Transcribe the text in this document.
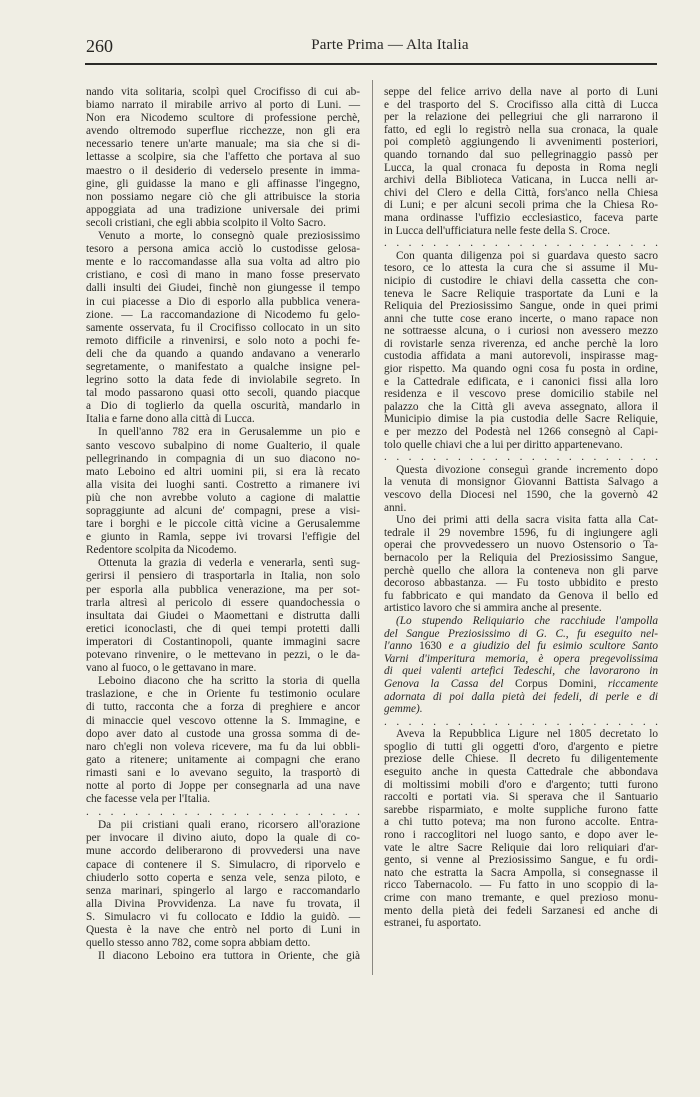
260	Parte Prima — Alta Italia
nando vita solitaria, scolpì quel Crocifisso di cui ab-
biamo narrato il mirabile arrivo al porto di Luni. —
Non era Nicodemo scultore di professione perchè,
avendo oltremodo superflue ricchezze, non gli era
necessario tenere un'arte manuale; ma sia che si di-
lettasse a scolpire, sia che l'affetto che portava al suo
maestro o il desiderio di vederselo presente in imma-
gine, gli guidasse la mano e gli affinasse l'ingegno,
non possiamo negare ciò che gli attribuisce la storia
appoggiata ad una tradizione universale dei primi
secoli cristiani, che egli abbia scolpito il Volto Sacro.
Venuto a morte, lo consegnò quale preziosissimo
tesoro a persona amica acciò lo custodisse gelosa-
mente e lo raccomandasse alla sua volta ad altro pio
cristiano, e così di mano in mano fosse preservato
dalli insulti dei Giudei, finchè non giungesse il tempo
in cui piacesse a Dio di esporlo alla pubblica venera-
zione. — La raccomandazione di Nicodemo fu gelo-
samente osservata, fu il Crocifisso collocato in un sito
remoto difficile a rinvenirsi, e solo noto a pochi fe-
deli che da quando a quando andavano a venerarlo
segretamente, o manifestato a qualche insigne pel-
legrino sotto la data fede di inviolabile segreto. In
tal modo passarono quasi otto secoli, quando piacque
a Dio di toglierlo da quella oscurità, mandarlo in
Italia e farne dono alla città di Lucca.
In quell'anno 782 era in Gerusalemme un pio e
santo vescovo subalpino di nome Gualterio, il quale
pellegrinando in compagnia di un suo diacono no-
mato Leboino ed altri uomini pii, si era là recato
alla visita dei luoghi santi. Costretto a rimanere ivi
più che non avrebbe voluto a cagione di malattie
sopraggiunte ad alcuni de' compagni, prese a visi-
tare i borghi e le piccole città vicine a Gerusalemme
e giunto in Ramla, seppe ivi trovarsi l'effigie del
Redentore scolpita da Nicodemo.
Ottenuta la grazia di vederla e venerarla, sentì sug-
gerirsi il pensiero di trasportarla in Italia, non solo
per esporla alla pubblica venerazione, ma per sot-
trarla altresì al pericolo di essere quandochessia o
insultata dai Giudei o Maomettani e distrutta dalli
eretici iconoclasti, che di quei tempi protetti dalli
imperatori di Costantinopoli, quante immagini sacre
potevano rinvenire, o le mettevano in pezzi, o le da-
vano al fuoco, o le gettavano in mare.
Leboino diacono che ha scritto la storia di quella
traslazione, e che in Oriente fu testimonio oculare
di tutto, racconta che a forza di preghiere e ancor
di minaccie quel vescovo ottenne la S. Immagine, e
dopo aver dato al custode una grossa somma di de-
naro ch'egli non voleva ricevere, ma fu da lui obbli-
gato a ritenere; unitamente ai compagni che erano
rimasti sani e lo avevano seguito, la trasportò di
notte al porto di Joppe per consegnarla ad una nave
che facesse vela per l'Italia.
. . . . . . . . . . . . . . . . . . . . . . .
Da pii cristiani quali erano, ricorsero all'orazione
per invocare il divino aiuto, dopo la quale di co-
mune accordo deliberarono di provvedersi una nave
capace di contenere il S. Simulacro, di riporvelo e
chiuderlo sotto coperta e senza vele, senza piloto, e
senza marinari, spingerlo al largo e raccomandarlo
alla Divina Provvidenza. La nave fu trovata, il
S. Simulacro vi fu collocato e Iddio la guidò. —
Questa è la nave che entrò nel porto di Luni in
quello stesso anno 782, come sopra abbiam detto.
Il diacono Leboino era tuttora in Oriente, che già
seppe del felice arrivo della nave al porto di Luni
e del trasporto del S. Crocifisso alla città di Lucca
per la relazione dei pellegriui che gli narrarono il
fatto, ed egli lo registrò nella sua cronaca, la quale
poi completò aggiungendo li avvenimenti posteriori,
quando tornando dal suo pellegrinaggio passò per
Lucca, la qual cronaca fu deposta in Roma negli
archivi della Biblioteca Vaticana, in Lucca nelli ar-
chivi del Clero e della Città, fors'anco nella Chiesa
di Luni; e per alcuni secoli prima che la Chiesa Ro-
mana ordinasse l'uffizio ecclesiastico, faceva parte
in Lucca dell'ufficiatura nelle feste della S. Croce.
. . . . . . . . . . . . . . . . . . . . . . .
Con quanta diligenza poi si guardava questo sacro
tesoro, ce lo attesta la cura che si assume il Mu-
nicipio di custodire le chiavi della cassetta che con-
teneva le Sacre Reliquie trasportate da Luni e la
Reliquia del Preziosissimo Sangue, onde in quei primi
anni che tutte cose erano incerte, o mano rapace non
ne sottraesse alcuna, o i curiosi non avessero mezzo
di rovistarle senza riverenza, ed anche perchè la loro
custodia affidata a mani autorevoli, inspirasse mag-
gior rispetto. Ma quando ogni cosa fu posta in ordine,
e la Cattedrale edificata, e i canonici fissi alla loro
residenza e il vescovo prese domicilio stabile nel
palazzo che la Città gli aveva assegnato, allora il
Municipio dimise la pia custodia delle Sacre Reliquie,
e per mezzo del Podestà nel 1266 consegnò al Capi-
tolo quelle chiavi che a lui per diritto appartenevano.
. . . . . . . . . . . . . . . . . . . . . . .
Questa divozione conseguì grande incremento dopo
la venuta di monsignor Giovanni Battista Salvago a
vescovo della Diocesi nel 1590, che la governò 42
anni.
Uno dei primi atti della sacra visita fatta alla Cat-
tedrale il 29 novembre 1596, fu di ingiungere agli
operai che provvedessero un nuovo Ostensorio o Ta-
bernacolo per la Reliquia del Preziosissimo Sangue,
perchè quello che allora la conteneva non gli parve
decoroso abbastanza. — Fu tosto ubbidito e presto
fu fabbricato e qui mandato da Genova il bello ed
artistico lavoro che si ammira anche al presente.
(Lo stupendo Reliquiario che racchiude l'ampolla
del Sangue Preziosissimo di G. C., fu eseguito nel-
l'anno 1630 e a giudizio del fu esimio scultore Santo
Varni d'imperitura memoria, è opera pregevolissima
di quei valenti artefici Tedeschi, che lavorarono in
Genova la Cassa del Corpus Domini, riccamente
adornata di poi dalla pietà dei fedeli, di perle e di
gemme).
. . . . . . . . . . . . . . . . . . . . . . .
Aveva la Repubblica Ligure nel 1805 decretato lo
spoglio di tutti gli oggetti d'oro, d'argento e pietre
preziose delle Chiese. Il decreto fu diligentemente
eseguito anche in questa Cattedrale che abbondava
di moltissimi mobili d'oro e d'argento; tutti furono
raccolti e portati via. Si sperava che il Santuario
sarebbe risparmiato, e molte suppliche furono fatte
a chi tutto poteva; ma non furono accolte. Entra-
rono i raccoglitori nel luogo santo, e dopo aver le-
vate le altre Sacre Reliquie dai loro reliquiari d'ar-
gento, si venne al Preziosissimo Sangue, e fu ordi-
nato che estratta la Sacra Ampolla, si consegnasse il
ricco Tabernacolo. — Fu fatto in uno scoppio di la-
crime con mano tremante, e quel prezioso monu-
mento della pietà dei fedeli Sarzanesi ed anche di
estranei, fu asportato.
